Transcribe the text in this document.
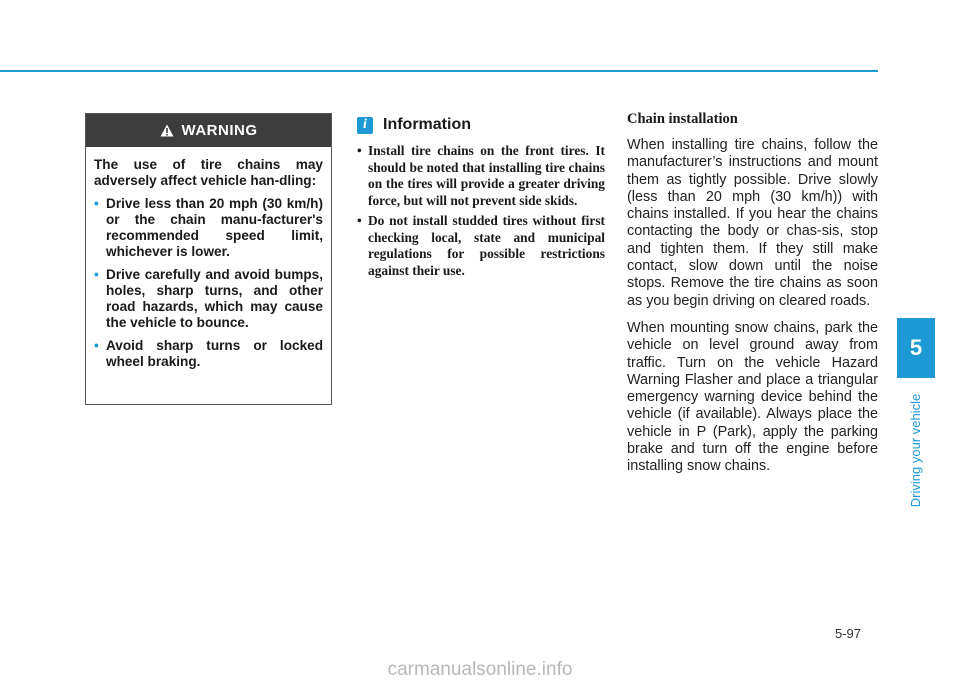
5
Driving your vehicle
WARNING

The use of tire chains may adversely affect vehicle han-dling:

• Drive less than 20 mph (30 km/h) or the chain manu-facturer's recommended speed limit, whichever is lower.
• Drive carefully and avoid bumps, holes, sharp turns, and other road hazards, which may cause the vehicle to bounce.
• Avoid sharp turns or locked wheel braking.
i	Information
• Install tire chains on the front tires. It should be noted that installing tire chains on the tires will provide a greater driving force, but will not prevent side skids.
• Do not install studded tires without first checking local, state and municipal regulations for possible restrictions against their use.
Chain installation

When installing tire chains, follow the manufacturer’s instructions and mount them as tightly possible. Drive slowly (less than 20 mph (30 km/h)) with chains installed. If you hear the chains contacting the body or chas-sis, stop and tighten them. If they still make contact, slow down until the noise stops. Remove the tire chains as soon as you begin driving on cleared roads.

When mounting snow chains, park the vehicle on level ground away from traffic. Turn on the vehicle Hazard Warning Flasher and place a triangular emergency warning device behind the vehicle (if available). Always place the vehicle in P (Park), apply the parking brake and turn off the engine before installing snow chains.

5-97
carmanualsonline.info
